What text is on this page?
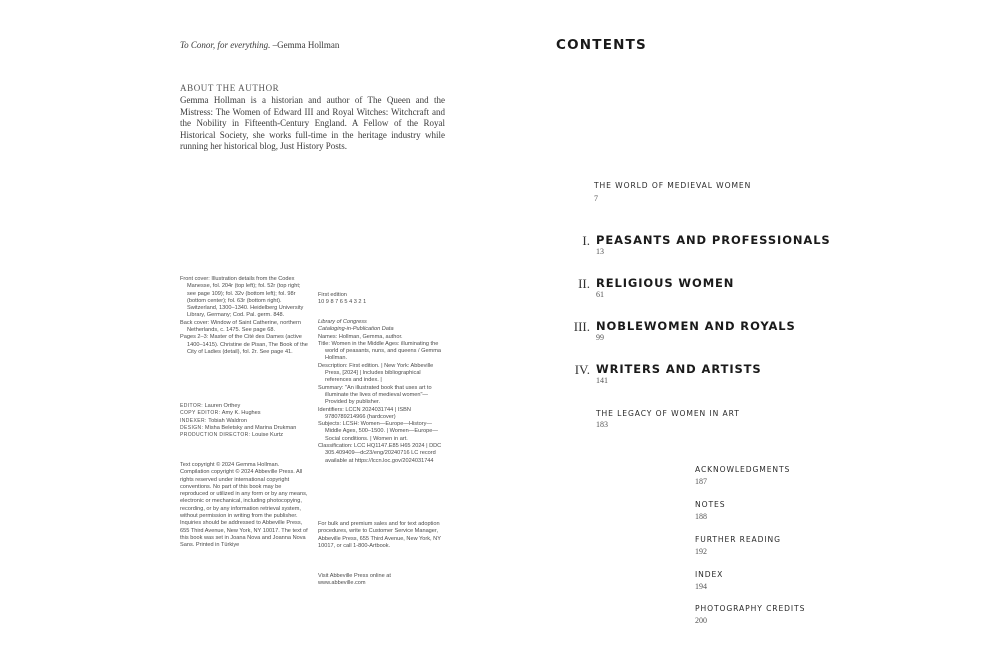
To Conor, for everything. –Gemma Hollman
ABOUT THE AUTHOR
Gemma Hollman is a historian and author of The Queen and the Mistress: The Women of Edward III and Royal Witches: Witchcraft and the Nobility in Fifteenth-Century England. A Fellow of the Royal Historical Society, she works full-time in the heritage industry while running her historical blog, Just History Posts.

Front cover: Illustration details from the Codex Manesse, fol. 204r (top left); fol. 52r (top right; see page 109); fol. 32v (bottom left); fol. 98r (bottom center); fol. 63r (bottom right). Switzerland, 1300–1340. Heidelberg University Library, Germany; Cod. Pal. germ. 848.

Back cover: Window of Saint Catherine, northern Netherlands, c. 1475. See page 68.

Pages 2–3: Master of the Cité des Dames (active 1400–1415). Christine de Pisan, The Book of the City of Ladies (detail), fol. 2r. See page 41.

EDITOR: Lauren Orthey
COPY EDITOR: Amy K. Hughes
INDEXER: Tobiah Waldron
DESIGN: Misha Beletsky and Marina Drukman
PRODUCTION DIRECTOR: Louise Kurtz
Text copyright © 2024 Gemma Hollman. Compilation copyright © 2024 Abbeville Press. All rights reserved under international copyright conventions. No part of this book may be reproduced or utilized in any form or by any means, electronic or mechanical, including photocopying, recording, or by any information retrieval system, without permission in writing from the publisher. Inquiries should be addressed to Abbeville Press, 655 Third Avenue, New York, NY 10017. The text of this book was set in Joana Nova and Joanna Nova Sans. Printed in Türkiye
First edition
10 9 8 7 6 5 4 3 2 1
Library of Congress
Cataloging-in-Publication Data

Names: Hollman, Gemma, author.

Title: Women in the Middle Ages: illuminating the world of peasants, nuns, and queens / Gemma Hollman.

Description: First edition. | New York: Abbeville Press, [2024] | Includes bibliographical references and index. |

Summary: "An illustrated book that uses art to illuminate the lives of medieval women"—Provided by publisher.

Identifiers: LCCN 2024031744 | ISBN 9780789214966 (hardcover)

Subjects: LCSH: Women—Europe—History—Middle Ages, 500–1500. | Women—Europe—Social conditions. | Women in art.

Classification: LCC HQ1147.E85 H65 2024 | DDC 305.409409—dc23/eng/20240716 LC record available at https://lccn.loc.gov/2024031744

For bulk and premium sales and for text adoption procedures, write to Customer Service Manager, Abbeville Press, 655 Third Avenue, New York, NY 10017, or call 1-800-Artbook.
Visit Abbeville Press online at
www.abbeville.com
CONTENTS
THE WORLD OF MEDIEVAL WOMEN
7
I. PEASANTS AND PROFESSIONALS
13
II. RELIGIOUS WOMEN
61
III. NOBLEWOMEN AND ROYALS
99
IV. WRITERS AND ARTISTS
141
THE LEGACY OF WOMEN IN ART
183
ACKNOWLEDGMENTS
187
NOTES
188
FURTHER READING
192
INDEX
194
PHOTOGRAPHY CREDITS
200
